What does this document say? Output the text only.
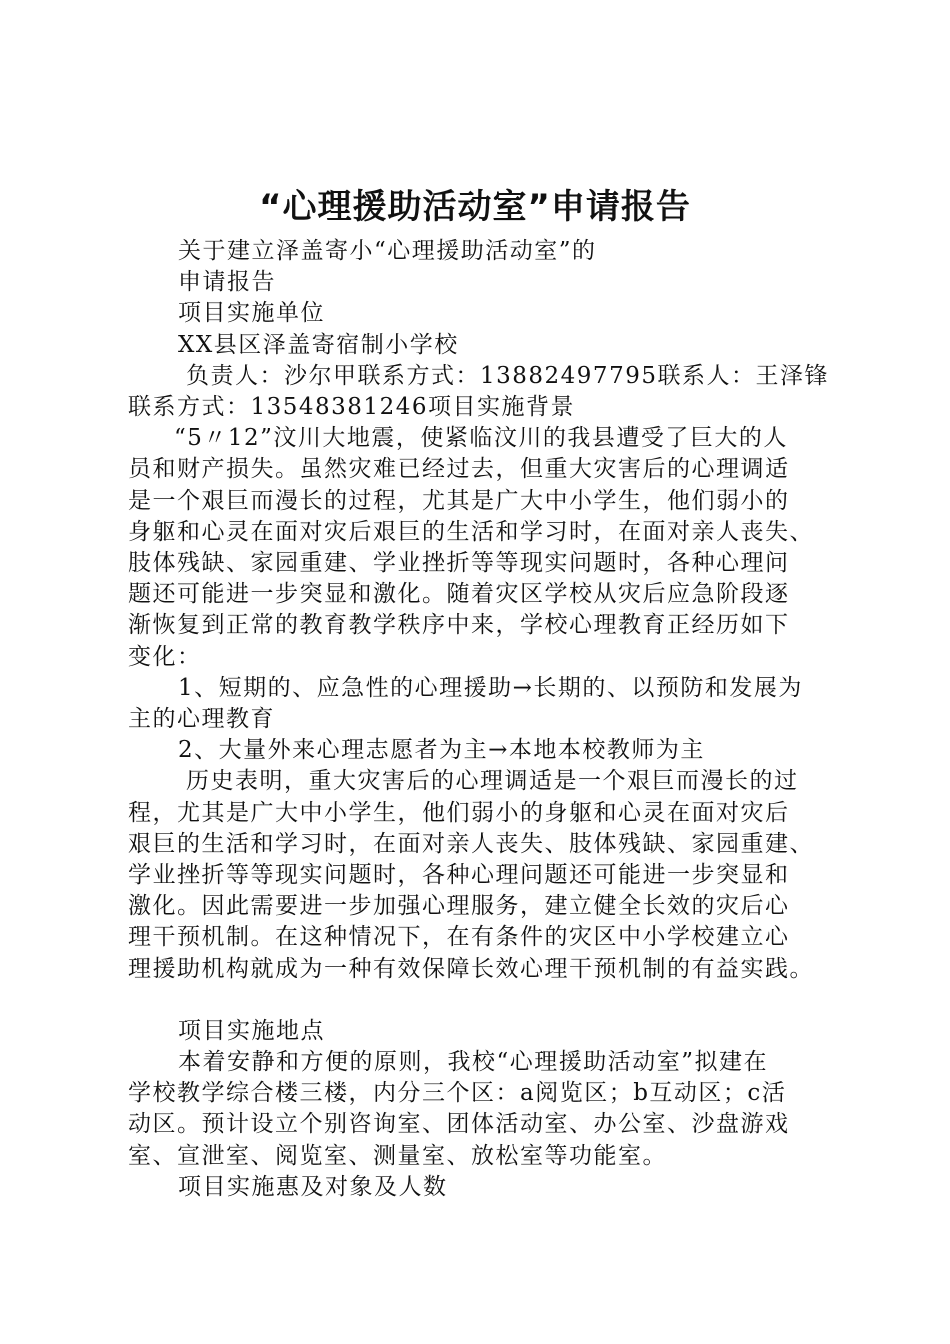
“心理援助活动室”申请报告

关于建立泽盖寄小“心理援助活动室”的

申请报告

项目实施单位

XX县区泽盖寄宿制小学校

负责人：沙尔甲联系方式：13882497795联系人：王泽锋

联系方式：13548381246项目实施背景

“5〃12”汶川大地震，使紧临汶川的我县遭受了巨大的人

员和财产损失。虽然灾难已经过去，但重大灾害后的心理调适

是一个艰巨而漫长的过程，尤其是广大中小学生，他们弱小的

身躯和心灵在面对灾后艰巨的生活和学习时，在面对亲人丧失、

肢体残缺、家园重建、学业挫折等等现实问题时，各种心理问

题还可能进一步突显和激化。随着灾区学校从灾后应急阶段逐

渐恢复到正常的教育教学秩序中来，学校心理教育正经历如下

变化：

1、短期的、应急性的心理援助→长期的、以预防和发展为

主的心理教育

2、大量外来心理志愿者为主→本地本校教师为主

历史表明，重大灾害后的心理调适是一个艰巨而漫长的过

程，尤其是广大中小学生，他们弱小的身躯和心灵在面对灾后

艰巨的生活和学习时，在面对亲人丧失、肢体残缺、家园重建、

学业挫折等等现实问题时，各种心理问题还可能进一步突显和

激化。因此需要进一步加强心理服务，建立健全长效的灾后心

理干预机制。在这种情况下，在有条件的灾区中小学校建立心

理援助机构就成为一种有效保障长效心理干预机制的有益实践。

项目实施地点

本着安静和方便的原则，我校“心理援助活动室”拟建在

学校教学综合楼三楼，内分三个区：a阅览区；b互动区；c活

动区。预计设立个别咨询室、团体活动室、办公室、沙盘游戏

室、宣泄室、阅览室、测量室、放松室等功能室。

项目实施惠及对象及人数
